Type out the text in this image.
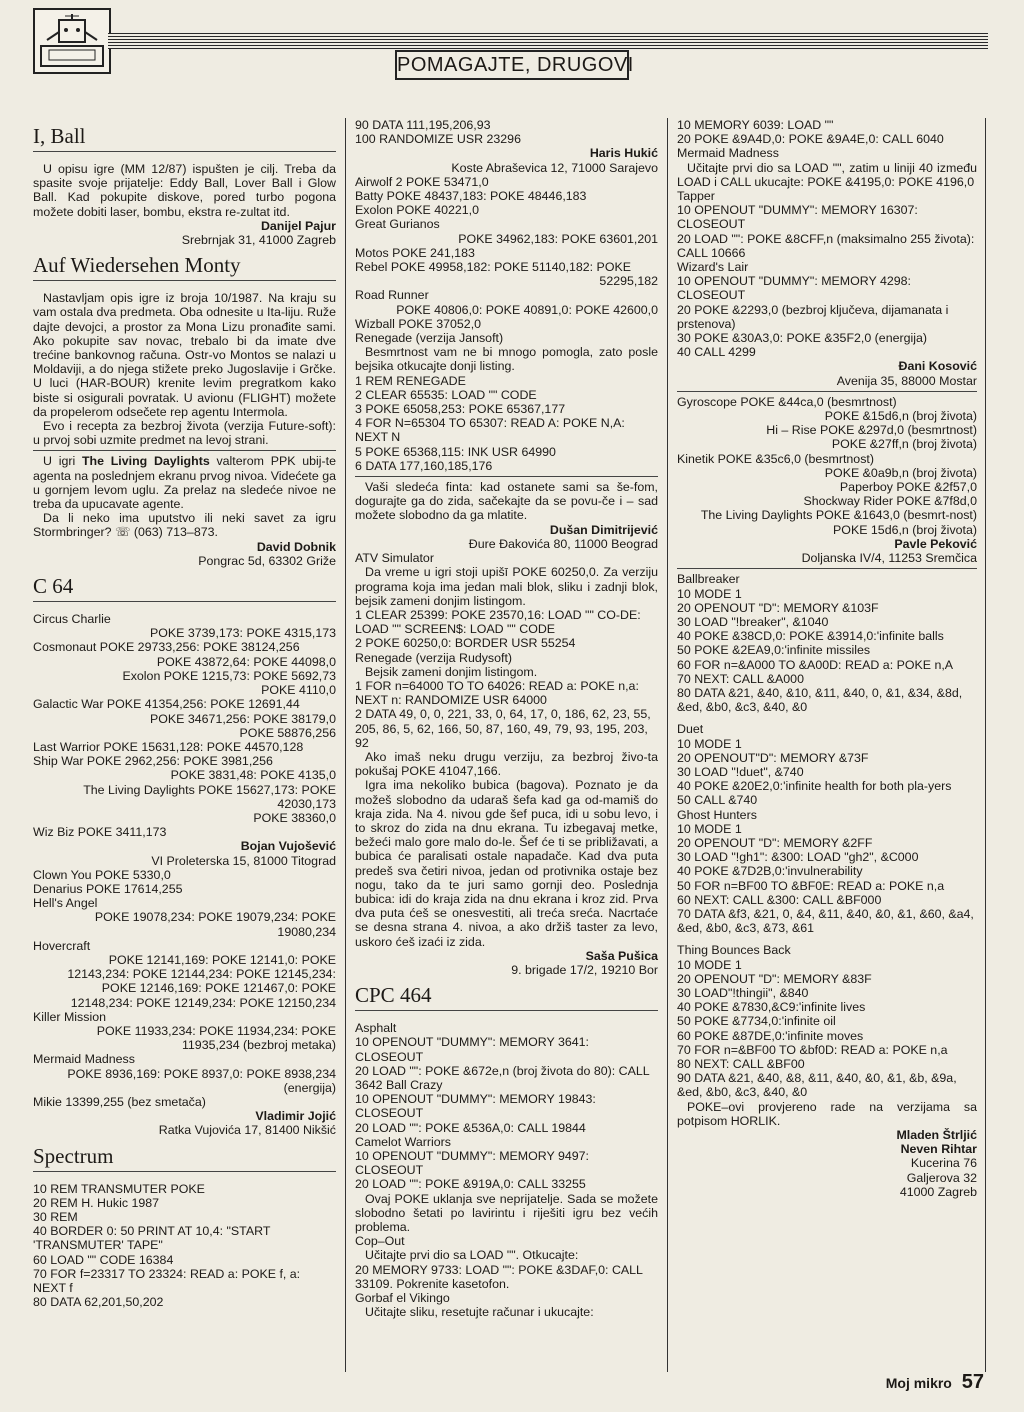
POMAGAJTE, DRUGOVI
I, Ball

U opisu igre (MM 12/87) ispušten je cilj. Treba da spasite svoje prijatelje: Eddy Ball, Lover Ball i Glow Ball. Kad pokupite diskove, pored turbo pogona možete dobiti laser, bombu, ekstra re-zultat itd.

Danijel Pajur

Srebrnjak 31, 41000 Zagreb

Auf Wiedersehen Monty

Nastavljam opis igre iz broja 10/1987. Na kraju su vam ostala dva predmeta. Oba odnesite u Ita-liju. Ruže dajte devojci, a prostor za Mona Lizu pronađite sami. Ako pokupite sav novac, trebalo bi da imate dve trećine bankovnog računa. Ostr-vo Montos se nalazi u Moldaviji, a do njega stižete preko Jugoslavije i Grčke. U luci (HAR-BOUR) krenite levim pregratkom kako biste si osigurali povratak. U avionu (FLIGHT) možete da propelerom odsečete rep agentu Intermola.

Evo i recepta za bezbroj života (verzija Future-soft): u prvoj sobi uzmite predmet na levoj strani.

U igri The Living Daylights valterom PPK ubij-te agenta na poslednjem ekranu prvog nivoa. Videćete ga u gornjem levom uglu. Za prelaz na sledeće nivoe ne treba da upucavate agente.

Da li neko ima uputstvo ili neki savet za igru Stormbringer? ☏ (063) 713–873.

David Dobnik

Pongrac 5d, 63302 Griže

C 64

Circus Charlie

POKE 3739,173: POKE 4315,173

Cosmonaut POKE 29733,256: POKE 38124,256

POKE 43872,64: POKE 44098,0

Exolon POKE 1215,73: POKE 5692,73

POKE 4110,0

Galactic War POKE 41354,256: POKE 12691,44

POKE 34671,256: POKE 38179,0

POKE 58876,256

Last Warrior POKE 15631,128: POKE 44570,128

Ship War POKE 2962,256: POKE 3981,256

POKE 3831,48: POKE 4135,0

The Living Daylights POKE 15627,173: POKE

42030,173

POKE 38360,0

Wiz Biz POKE 3411,173

Bojan Vujošević

VI Proleterska 15, 81000 Titograd

Clown You POKE 5330,0

Denarius POKE 17614,255

Hell's Angel

POKE 19078,234: POKE 19079,234: POKE

19080,234

Hovercraft

POKE 12141,169: POKE 12141,0: POKE

12143,234: POKE 12144,234: POKE 12145,234:

POKE 12146,169: POKE 121467,0: POKE

12148,234: POKE 12149,234: POKE 12150,234

Killer Mission

POKE 11933,234: POKE 11934,234: POKE

11935,234 (bezbroj metaka)

Mermaid Madness

POKE 8936,169: POKE 8937,0: POKE 8938,234

(energija)

Mikie 13399,255 (bez smetača)

Vladimir Jojić

Ratka Vujovića 17, 81400 Nikšić

Spectrum

10 REM TRANSMUTER POKE

20 REM H. Hukic 1987

30 REM

40 BORDER 0: 50 PRINT AT 10,4: "START 'TRANSMUTER' TAPE"

60 LOAD "" CODE 16384

70 FOR f=23317 TO 23324: READ a: POKE f, a: NEXT f

80 DATA 62,201,50,202

90 DATA 111,195,206,93

100 RANDOMIZE USR 23296

Haris Hukić

Koste Abraševica 12, 71000 Sarajevo

Airwolf 2 POKE 53471,0

Batty POKE 48437,183: POKE 48446,183

Exolon POKE 40221,0

Great Gurianos

POKE 34962,183: POKE 63601,201

Motos POKE 241,183

Rebel POKE 49958,182: POKE 51140,182: POKE

52295,182

Road Runner

POKE 40806,0: POKE 40891,0: POKE 42600,0

Wizball POKE 37052,0

Renegade (verzija Jansoft)

Besmrtnost vam ne bi mnogo pomogla, zato posle bejsika otkucajte donji listing.

1 REM RENEGADE

2 CLEAR 65535: LOAD "" CODE

3 POKE 65058,253: POKE 65367,177

4 FOR N=65304 TO 65307: READ A: POKE N,A: NEXT N

5 POKE 65368,115: INK USR 64990

6 DATA 177,160,185,176

Vaši sledeća finta: kad ostanete sami sa še-fom, dogurajte ga do zida, sačekajte da se povu-če i – sad možete slobodno da ga mlatite.

Dušan Dimitrijević

Đure Đakovića 80, 11000 Beograd

ATV Simulator

Da vreme u igri stoji upišī POKE 60250,0. Za verziju programa koja ima jedan mali blok, sliku i zadnji blok, bejsik zameni donjim listingom.

1 CLEAR 25399: POKE 23570,16: LOAD "" CO-DE: LOAD "" SCREEN$: LOAD "" CODE

2 POKE 60250,0: BORDER USR 55254

Renegade (verzija Rudysoft)

Bejsik zameni donjim listingom.

1 FOR n=64000 TO TO 64026: READ a: POKE n,a: NEXT n: RANDOMIZE USR 64000

2 DATA 49, 0, 0, 221, 33, 0, 64, 17, 0, 186, 62, 23, 55, 205, 86, 5, 62, 166, 50, 87, 160, 49, 79, 93, 195, 203, 92

Ako imaš neku drugu verziju, za bezbroj živo-ta pokušaj POKE 41047,166.

Igra ima nekoliko bubica (bagova). Poznato je da možeš slobodno da udaraš šefa kad ga od-mamiš do kraja zida. Na 4. nivou gde šef puca, idi u sobu levo, i to skroz do zida na dnu ekrana. Tu izbegavaj metke, bežeći malo gore malo do-le. Šef će ti se približavati, a bubica će paralisati ostale napadače. Kad dva puta predeš sva četiri nivoa, jedan od protivnika ostaje bez nogu, tako da te juri samo gornji deo. Poslednja bubica: idi do kraja zida na dnu ekrana i kroz zid. Prva dva puta ćeš se onesvestiti, ali treća sreća. Nacrtaće se desna strana 4. nivoa, a ako držiš taster za levo, uskoro ćeš izaći iz zida.

Saša Pušica

9. brigade 17/2, 19210 Bor

CPC 464

Asphalt

10 OPENOUT "DUMMY": MEMORY 3641: CLOSEOUT

20 LOAD "": POKE &672e,n (broj života do 80): CALL 3642 Ball Crazy

10 OPENOUT "DUMMY": MEMORY 19843: CLOSEOUT

20 LOAD "": POKE &536A,0: CALL 19844

Camelot Warriors

10 OPENOUT "DUMMY": MEMORY 9497: CLOSEOUT

20 LOAD "": POKE &919A,0: CALL 33255

Ovaj POKE uklanja sve neprijatelje. Sada se možete slobodno šetati po lavirintu i riješiti igru bez većih problema.

Cop–Out

Učitajte prvi dio sa LOAD "". Otkucajte:

20 MEMORY 9733: LOAD "": POKE &3DAF,0: CALL 33109. Pokrenite kasetofon.

Gorbaf el Vikingo

Učitajte sliku, resetujte računar i ukucajte:

10 MEMORY 6039: LOAD ""

20 POKE &9A4D,0: POKE &9A4E,0: CALL 6040

Mermaid Madness

Učitajte prvi dio sa LOAD "", zatim u liniji 40 između LOAD i CALL ukucajte: POKE &4195,0: POKE 4196,0

Tapper

10 OPENOUT "DUMMY": MEMORY 16307: CLOSEOUT

20 LOAD "": POKE &8CFF,n (maksimalno 255 života): CALL 10666

Wizard's Lair

10 OPENOUT "DUMMY": MEMORY 4298: CLOSEOUT

20 POKE &2293,0 (bezbroj ključeva, dijamanata i prstenova)

30 POKE &30A3,0: POKE &35F2,0 (energija)

40 CALL 4299

Đani Kosović

Avenija 35, 88000 Mostar

Gyroscope POKE &44ca,0 (besmrtnost)

POKE &15d6,n (broj života)

Hi – Rise POKE &297d,0 (besmrtnost)

POKE &27ff,n (broj života)

Kinetik POKE &35c6,0 (besmrtnost)

POKE &0a9b,n (broj života)

Paperboy POKE &2f57,0

Shockway Rider POKE &7f8d,0

The Living Daylights POKE &1643,0 (besmrt-nost)

POKE 15d6,n (broj života)

Pavle Peković

Doljanska IV/4, 11253 Sremčica

Ballbreaker

10 MODE 1

20 OPENOUT "D": MEMORY &103F

30 LOAD "!breaker", &1040

40 POKE &38CD,0: POKE &3914,0:'infinite balls

50 POKE &2EA9,0:'infinite missiles

60 FOR n=&A000 TO &A00D: READ a: POKE n,A

70 NEXT: CALL &A000

80 DATA &21, &40, &10, &11, &40, 0, &1, &34, &8d, &ed, &b0, &c3, &40, &0

Duet

10 MODE 1

20 OPENOUT"D": MEMORY &73F

30 LOAD "!duet", &740

40 POKE &20E2,0:'infinite health for both pla-yers

50 CALL &740

Ghost Hunters

10 MODE 1

20 OPENOUT "D": MEMORY &2FF

30 LOAD "!gh1": &300: LOAD "gh2", &C000

40 POKE &7D2B,0:'invulnerability

50 FOR n=BF00 TO &BF0E: READ a: POKE n,a

60 NEXT: CALL &300: CALL &BF000

70 DATA &f3, &21, 0, &4, &11, &40, &0, &1, &60, &a4, &ed, &b0, &c3, &73, &61

Thing Bounces Back

10 MODE 1

20 OPENOUT "D": MEMORY &83F

30 LOAD"!thingii", &840

40 POKE &7830,&C9:'infinite lives

50 POKE &7734,0:'infinite oil

60 POKE &87DE,0:'infinite moves

70 FOR n=&BF00 TO &bf0D: READ a: POKE n,a

80 NEXT: CALL &BF00

90 DATA &21, &40, &8, &11, &40, &0, &1, &b, &9a, &ed, &b0, &c3, &40, &0

POKE–ovi provjereno rade na verzijama sa potpisom HORLIK.

Mladen Štrljić

Neven Rihtar

Kucerina 76

Galjerova 32

41000 Zagreb

Moj mikro 57
